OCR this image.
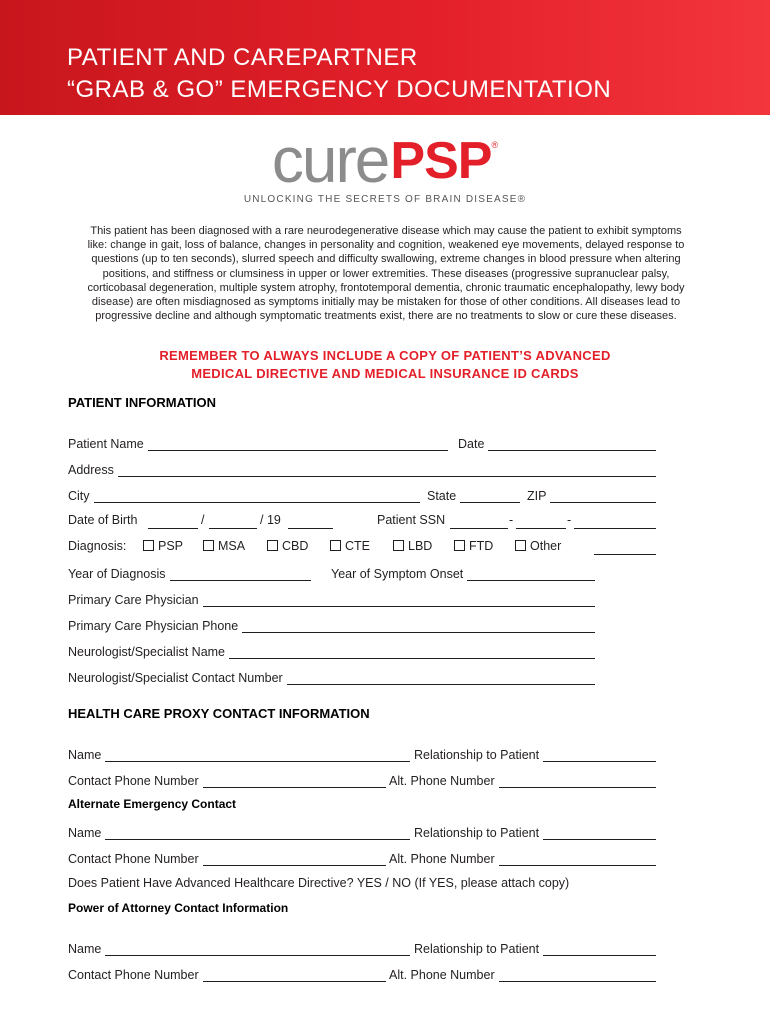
PATIENT AND CAREPARTNER
“GRAB & GO” EMERGENCY DOCUMENTATION
curePSP®
UNLOCKING THE SECRETS OF BRAIN DISEASE®
This patient has been diagnosed with a rare neurodegenerative disease which may cause the patient to exhibit symptoms like: change in gait, loss of balance, changes in personality and cognition, weakened eye movements, delayed response to questions (up to ten seconds), slurred speech and difficulty swallowing, extreme changes in blood pressure when altering positions, and stiffness or clumsiness in upper or lower extremities. These diseases (progressive supranuclear palsy, corticobasal degeneration, multiple system atrophy, frontotemporal dementia, chronic traumatic encephalopathy, lewy body disease) are often misdiagnosed as symptoms initially may be mistaken for those of other conditions. All diseases lead to progressive decline and although symptomatic treatments exist, there are no treatments to slow or cure these diseases.
REMEMBER TO ALWAYS INCLUDE A COPY OF PATIENT’S ADVANCED
MEDICAL DIRECTIVE AND MEDICAL INSURANCE ID CARDS
PATIENT INFORMATION
Patient Name	Date
Address
City	State	ZIP
Date of Birth	/	/ 19	Patient SSN	-	-
Diagnosis:	PSP	MSA	CBD	CTE	LBD	FTD	Other
Year of Diagnosis	Year of Symptom Onset
Primary Care Physician
Primary Care Physician Phone
Neurologist/Specialist Name
Neurologist/Specialist Contact Number
HEALTH CARE PROXY CONTACT INFORMATION
Name	Relationship to Patient
Contact Phone Number	Alt. Phone Number
Alternate Emergency Contact
Name	Relationship to Patient
Contact Phone Number	Alt. Phone Number
Does Patient Have Advanced Healthcare Directive? YES / NO (If YES, please attach copy)
Power of Attorney Contact Information
Name	Relationship to Patient
Contact Phone Number	Alt. Phone Number
